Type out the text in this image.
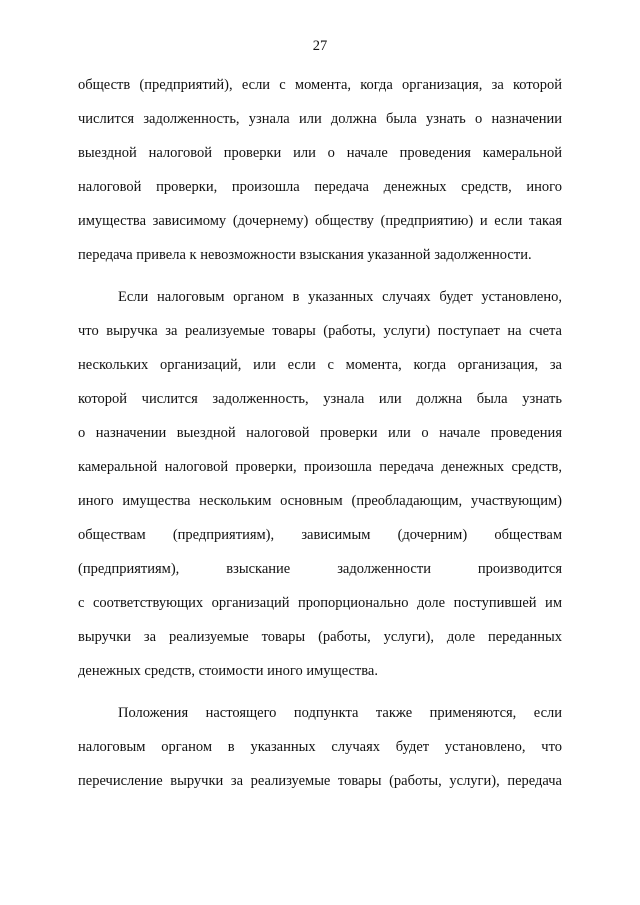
27
обществ (предприятий), если с момента, когда организация, за которой
числится задолженность, узнала или должна была узнать о назначении
выездной налоговой проверки или о начале проведения камеральной
налоговой проверки, произошла передача денежных средств, иного
имущества зависимому (дочернему) обществу (предприятию) и если такая
передача привела к невозможности взыскания указанной задолженности.
Если налоговым органом в указанных случаях будет установлено,
что выручка за реализуемые товары (работы, услуги) поступает на счета
нескольких организаций, или если с момента, когда организация, за
которой числится задолженность, узнала или должна была узнать
о назначении выездной налоговой проверки или о начале проведения
камеральной налоговой проверки, произошла передача денежных средств,
иного имущества нескольким основным (преобладающим, участвующим)
обществам (предприятиям), зависимым (дочерним) обществам
(предприятиям), взыскание задолженности производится
с соответствующих организаций пропорционально доле поступившей им
выручки за реализуемые товары (работы, услуги), доле переданных
денежных средств, стоимости иного имущества.
Положения настоящего подпункта также применяются, если
налоговым органом в указанных случаях будет установлено, что
перечисление выручки за реализуемые товары (работы, услуги), передача
